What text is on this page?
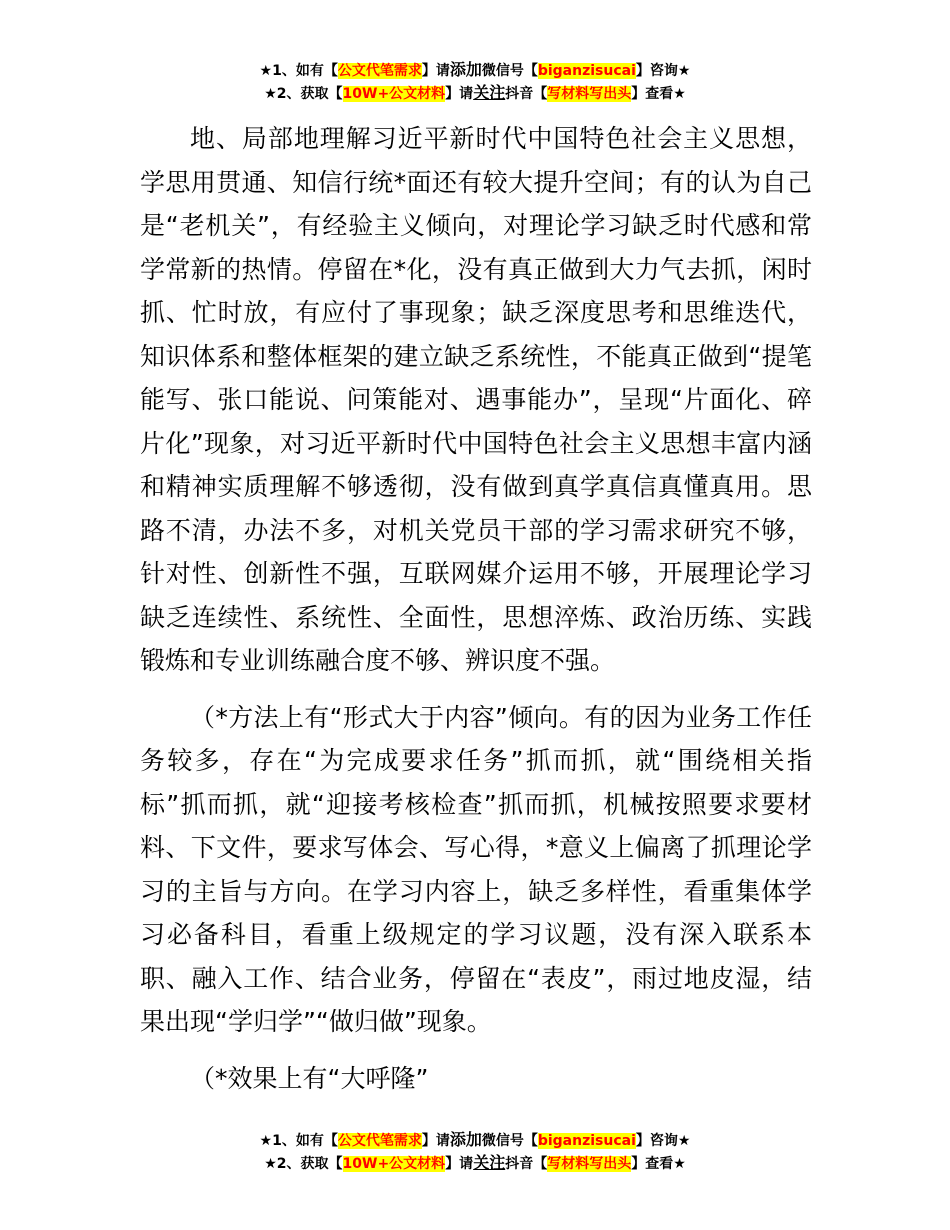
★1、如有【公文代笔需求】请添加微信号【biganzisucai】咨询★
★2、获取【10W+公文材料】请关注抖音【写材料写出头】查看★

地、局部地理解习近平新时代中国特色社会主义思想，学思用贯通、知信行统*面还有较大提升空间；有的认为自己是“老机关”，有经验主义倾向，对理论学习缺乏时代感和常学常新的热情。停留在*化，没有真正做到大力气去抓，闲时抓、忙时放，有应付了事现象；缺乏深度思考和思维迭代，知识体系和整体框架的建立缺乏系统性，不能真正做到“提笔能写、张口能说、问策能对、遇事能办”，呈现“片面化、碎片化”现象，对习近平新时代中国特色社会主义思想丰富内涵和精神实质理解不够透彻，没有做到真学真信真懂真用。思路不清，办法不多，对机关党员干部的学习需求研究不够，针对性、创新性不强，互联网媒介运用不够，开展理论学习缺乏连续性、系统性、全面性，思想淬炼、政治历练、实践锻炼和专业训练融合度不够、辨识度不强。

（*方法上有“形式大于内容”倾向。有的因为业务工作任务较多，存在“为完成要求任务”抓而抓，就“围绕相关指标”抓而抓，就“迎接考核检查”抓而抓，机械按照要求要材料、下文件，要求写体会、写心得，*意义上偏离了抓理论学习的主旨与方向。在学习内容上，缺乏多样性，看重集体学习必备科目，看重上级规定的学习议题，没有深入联系本职、融入工作、结合业务，停留在“表皮”，雨过地皮湿，结果出现“学归学”“做归做”现象。

（*效果上有“大呼隆”

★1、如有【公文代笔需求】请添加微信号【biganzisucai】咨询★
★2、获取【10W+公文材料】请关注抖音【写材料写出头】查看★
